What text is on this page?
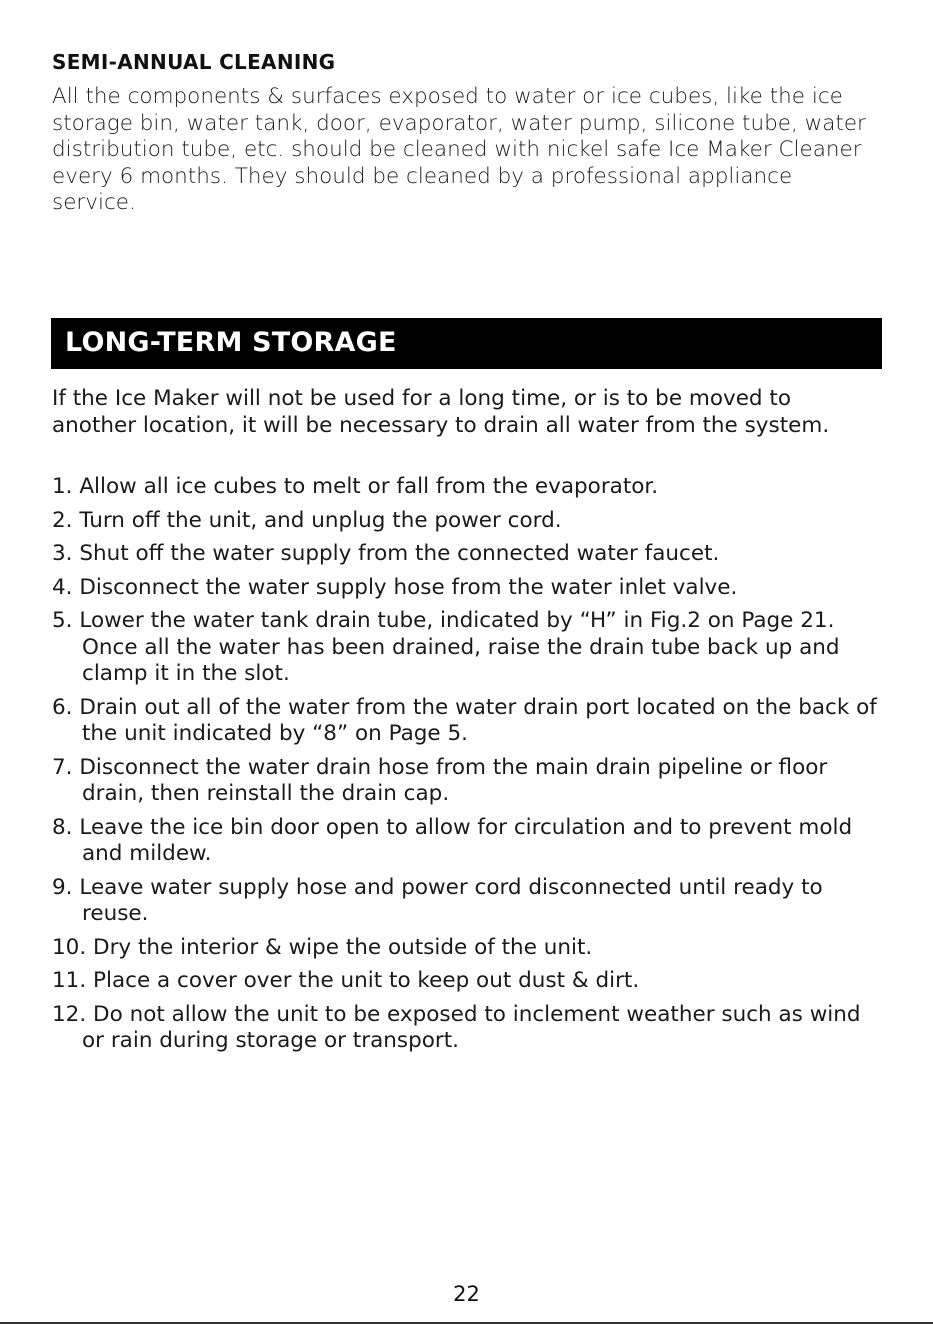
SEMI-ANNUAL CLEANING

All the components & surfaces exposed to water or ice cubes, like the ice storage bin, water tank, door, evaporator, water pump, silicone tube, water distribution tube, etc. should be cleaned with nickel safe Ice Maker Cleaner every 6 months. They should be cleaned by a professional appliance service.

LONG-TERM STORAGE

If the Ice Maker will not be used for a long time, or is to be moved to another location, it will be necessary to drain all water from the system.

1. Allow all ice cubes to melt or fall from the evaporator.
2. Turn off the unit, and unplug the power cord.
3. Shut off the water supply from the connected water faucet.
4. Disconnect the water supply hose from the water inlet valve.
5. Lower the water tank drain tube, indicated by “H” in Fig.2 on Page 21. Once all the water has been drained, raise the drain tube back up and clamp it in the slot.
6. Drain out all of the water from the water drain port located on the back of the unit indicated by “8” on Page 5.
7. Disconnect the water drain hose from the main drain pipeline or floor drain, then reinstall the drain cap.
8. Leave the ice bin door open to allow for circulation and to prevent mold and mildew.
9. Leave water supply hose and power cord disconnected until ready to reuse.
10. Dry the interior & wipe the outside of the unit.
11. Place a cover over the unit to keep out dust & dirt.
12. Do not allow the unit to be exposed to inclement weather such as wind or rain during storage or transport.

22
